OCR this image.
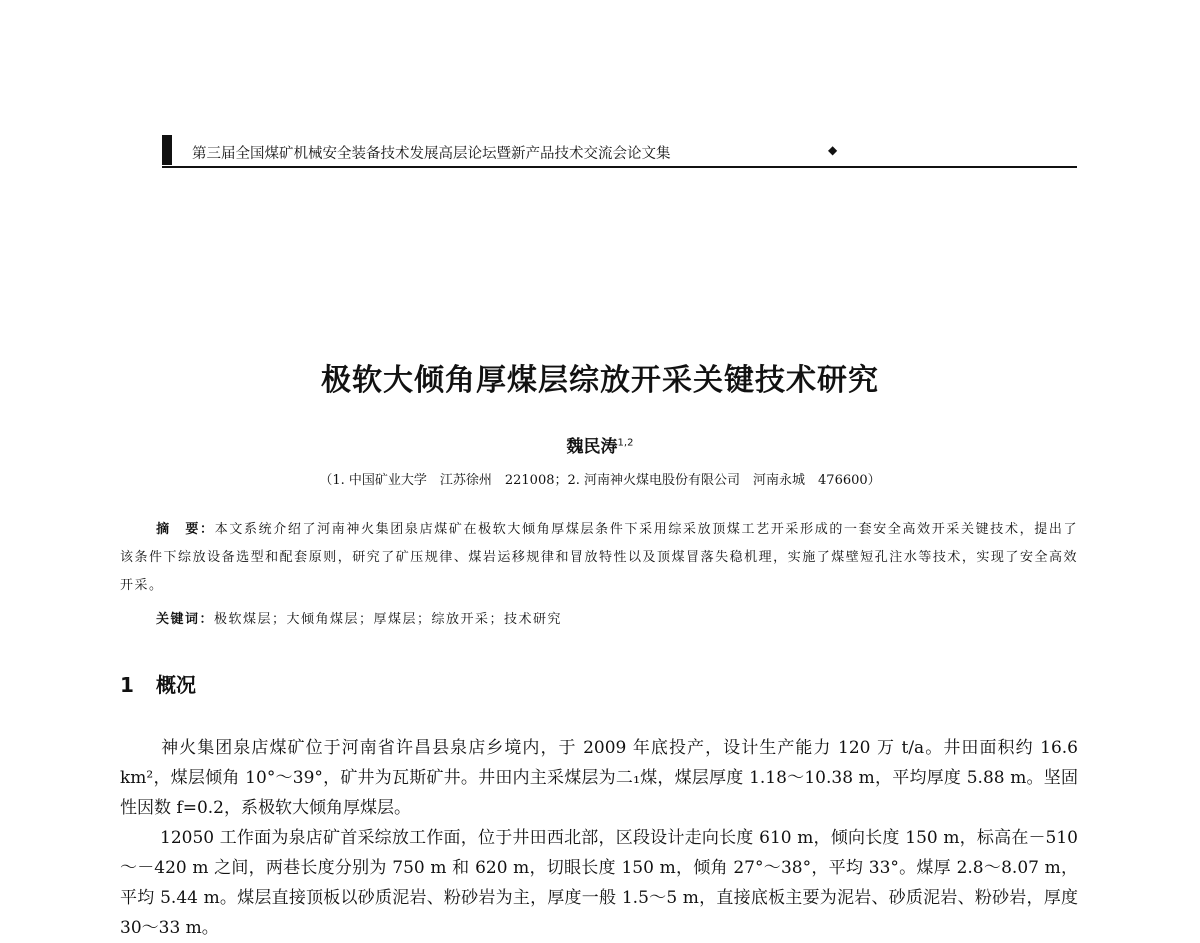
第三届全国煤矿机械安全装备技术发展高层论坛暨新产品技术交流会论文集	◆
极软大倾角厚煤层综放开采关键技术研究
魏民涛$^{1,2}$
（1. 中国矿业大学　江苏徐州　221008；2. 河南神火煤电股份有限公司　河南永城　476600）
摘　要：本文系统介绍了河南神火集团泉店煤矿在极软大倾角厚煤层条件下采用综采放顶煤工艺开采形成的一套安全高效开采关键技术，提出了该条件下综放设备选型和配套原则，研究了矿压规律、煤岩运移规律和冒放特性以及顶煤冒落失稳机理，实施了煤壁短孔注水等技术，实现了安全高效开采。
关键词：极软煤层；大倾角煤层；厚煤层；综放开采；技术研究
1 概况

神火集团泉店煤矿位于河南省许昌县泉店乡境内，于 2009 年底投产，设计生产能力 120 万 t/a。井田面积约 16.6 km²，煤层倾角 10°～39°，矿井为瓦斯矿井。井田内主采煤层为二₁煤，煤层厚度 1.18～10.38 m，平均厚度 5.88 m。坚固性因数 f=0.2，系极软大倾角厚煤层。

12050 工作面为泉店矿首采综放工作面，位于井田西北部，区段设计走向长度 610 m，倾向长度 150 m，标高在－510～－420 m 之间，两巷长度分别为 750 m 和 620 m，切眼长度 150 m，倾角 27°～38°，平均 33°。煤厚 2.8～8.07 m，平均 5.44 m。煤层直接顶板以砂质泥岩、粉砂岩为主，厚度一般 1.5～5 m，直接底板主要为泥岩、砂质泥岩、粉砂岩，厚度 30～33 m。
